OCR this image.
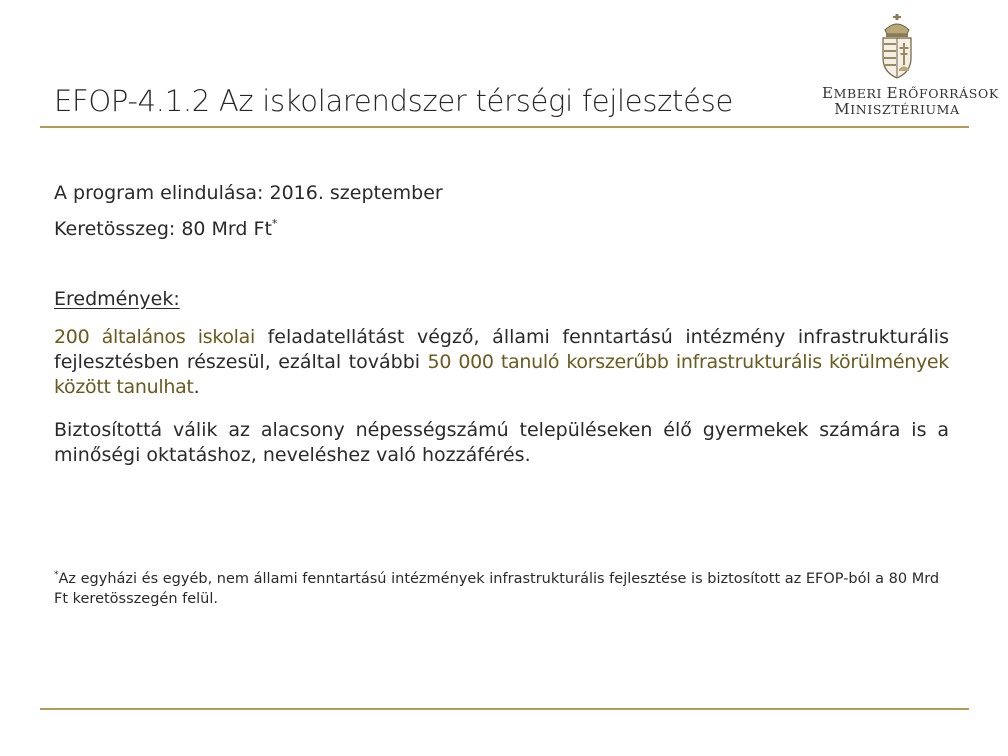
EFOP-4.1.2 Az iskolarendszer térségi fejlesztése	EMBERI ERŐFORRÁSOK
MINISZTÉRIUMA
A program elindulása: 2016. szeptember
Keretösszeg: 80 Mrd Ft*
Eredmények:
200 általános iskolai feladatellátást végző, állami fenntartású intézmény infrastrukturális fejlesztésben részesül, ezáltal további 50 000 tanuló korszerűbb infrastrukturális körülmények között tanulhat.
Biztosítottá válik az alacsony népességszámú településeken élő gyermekek számára is a minőségi oktatáshoz, neveléshez való hozzáférés.
*Az egyházi és egyéb, nem állami fenntartású intézmények infrastrukturális fejlesztése is biztosított az EFOP-ból a 80 Mrd Ft keretösszegén felül.
